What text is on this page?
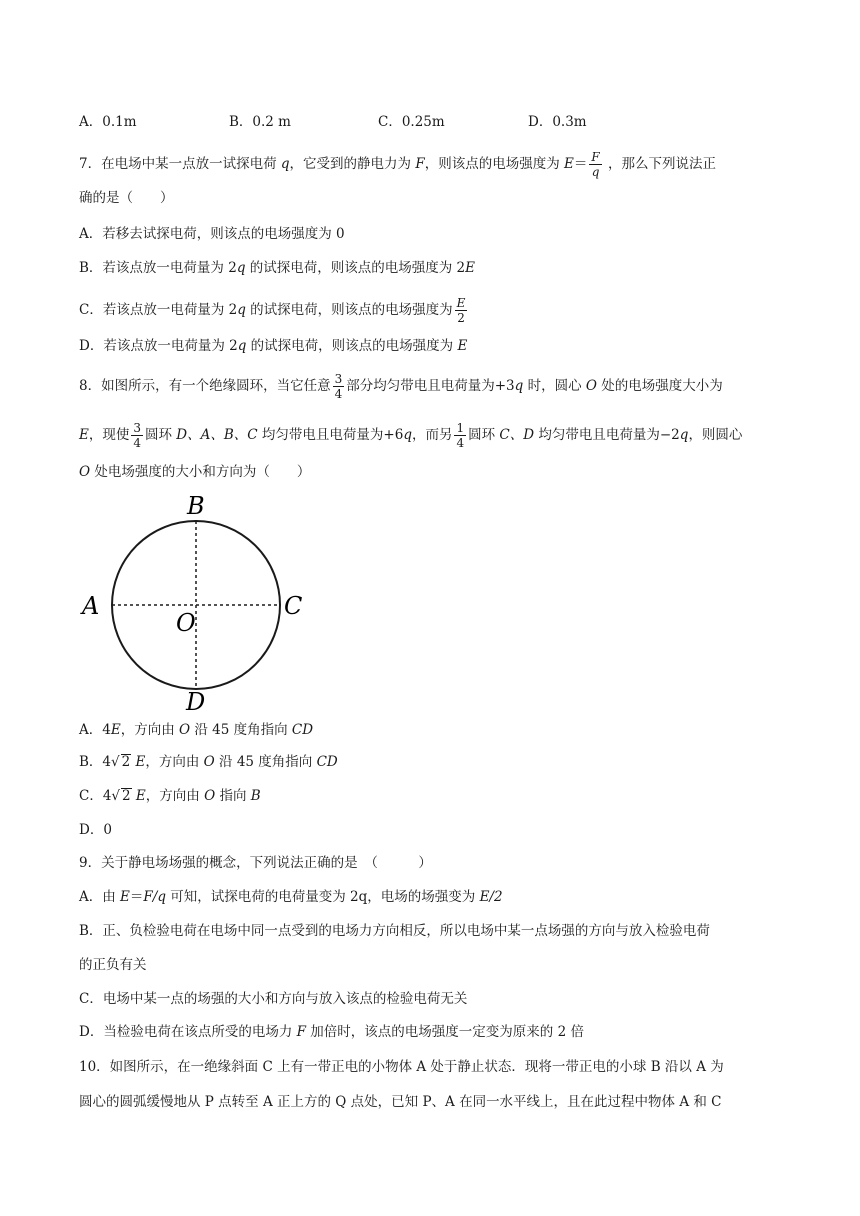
A．0.1m	B．0.2 m	C．0.25m	D．0.3m
7．在电场中某一点放一试探电荷 q，它受到的静电力为 F，则该点的电场强度为 $E= \frac{F}{q}$ ，那么下列说法正
确的是（　　）
A．若移去试探电荷，则该点的电场强度为 0
B．若该点放一电荷量为 2q 的试探电荷，则该点的电场强度为 2E
C．若该点放一电荷量为 2q 的试探电荷，则该点的电场强度为 $\frac{E}{2}$
D．若该点放一电荷量为 2q 的试探电荷，则该点的电场强度为 E
8．如图所示，有一个绝缘圆环，当它任意 $\frac{3}{4}$ 部分均匀带电且电荷量为+3q 时，圆心 O 处的电场强度大小为
E，现使 $\frac{3}{4}$ 圆环 D、A、B、C 均匀带电且电荷量为+6q，而另 $\frac{1}{4}$ 圆环 C、D 均匀带电且电荷量为−2q，则圆心
O 处电场强度的大小和方向为（　　）
B
A	C
O
D
A．4E，方向由 O 沿 45 度角指向 CD
B．4√ 2 E，方向由 O 沿 45 度角指向 CD
C．4√ 2 E，方向由 O 指向 B
D．0
9．关于静电场场强的概念，下列说法正确的是　（　　　）
A．由 E＝F/q 可知，试探电荷的电荷量变为 2q，电场的场强变为 E/2
B．正、负检验电荷在电场中同一点受到的电场力方向相反，所以电场中某一点场强的方向与放入检验电荷
的正负有关
C．电场中某一点的场强的大小和方向与放入该点的检验电荷无关
D．当检验电荷在该点所受的电场力 F 加倍时，该点的电场强度一定变为原来的 2 倍
10．如图所示，在一绝缘斜面 C 上有一带正电的小物体 A 处于静止状态．现将一带正电的小球 B 沿以 A 为
圆心的圆弧缓慢地从 P 点转至 A 正上方的 Q 点处，已知 P、A 在同一水平线上，且在此过程中物体 A 和 C
